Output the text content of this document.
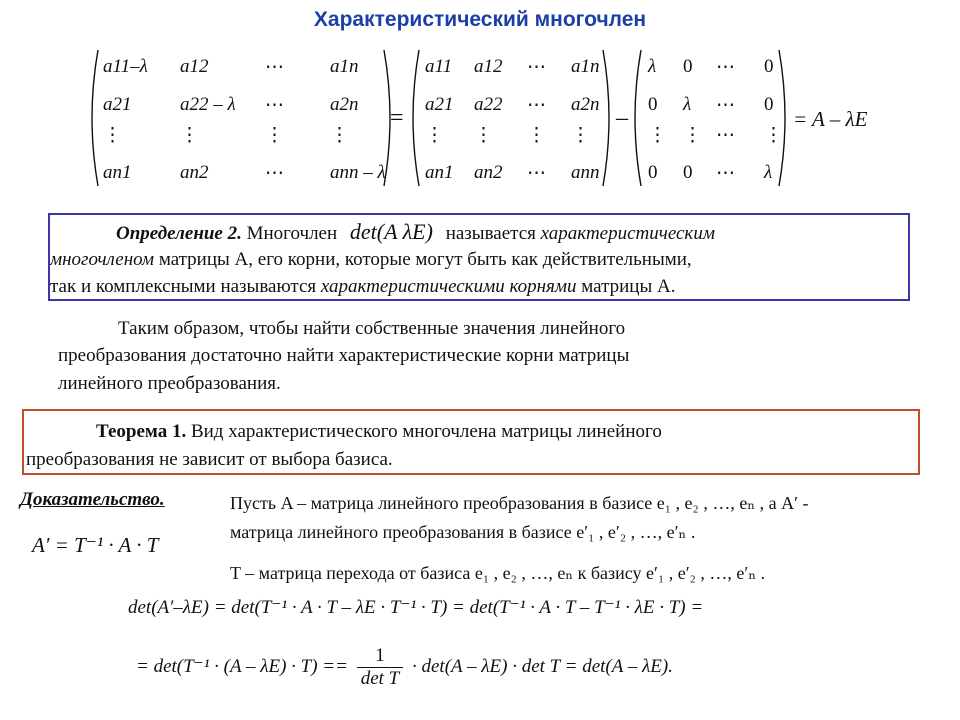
Характеристический многочлен
a11–λ a12	⋯ a1n
a21	a22 – λ ⋯ a2n
⋮	⋮	⋮ ⋮
an1	an2	⋯ ann – λ
a11 a12 ⋯ a1n
a21 a22 ⋯ a2n
⋮ ⋮ ⋮ ⋮
an1 an2 ⋯ ann
λ 0 ⋯ 0
0 λ ⋯ 0
⋮ ⋮ ⋯ ⋮
0 0 ⋯ λ
=	–	= A – λE
Определение 2. Многочлен det(A λE) называется характеристическим
многочленом матрицы A, его корни, которые могут быть как действительными,
так и комплексными называются характеристическими корнями матрицы А.
Таким образом, чтобы найти собственные значения линейного
преобразования достаточно найти характеристические корни матрицы
линейного преобразования.
Теорема 1. Вид характеристического многочлена матрицы линейного
преобразования не зависит от выбора базиса.
Доказательство.
A′ = T⁻¹ · A · T
Пусть A – матрица линейного преобразования в базисе e₁ , e₂ , …, eₙ , а A′ -
матрица линейного преобразования в базисе e′₁ , e′₂ , …, e′ₙ .
T – матрица перехода от базиса e₁ , e₂ , …, eₙ к базису e′₁ , e′₂ , …, e′ₙ .
det(A′–λE) = det(T⁻¹ · A · T – λE · T⁻¹ · T) = det(T⁻¹ · A · T – T⁻¹ · λE · T) =
= $\det(T^{-1} \cdot (A - \lambda E) \cdot T) == \frac{1}{\text{det T}} \cdot \det(A - \lambda E) \cdot \det T = \det(A - \lambda E)$.
